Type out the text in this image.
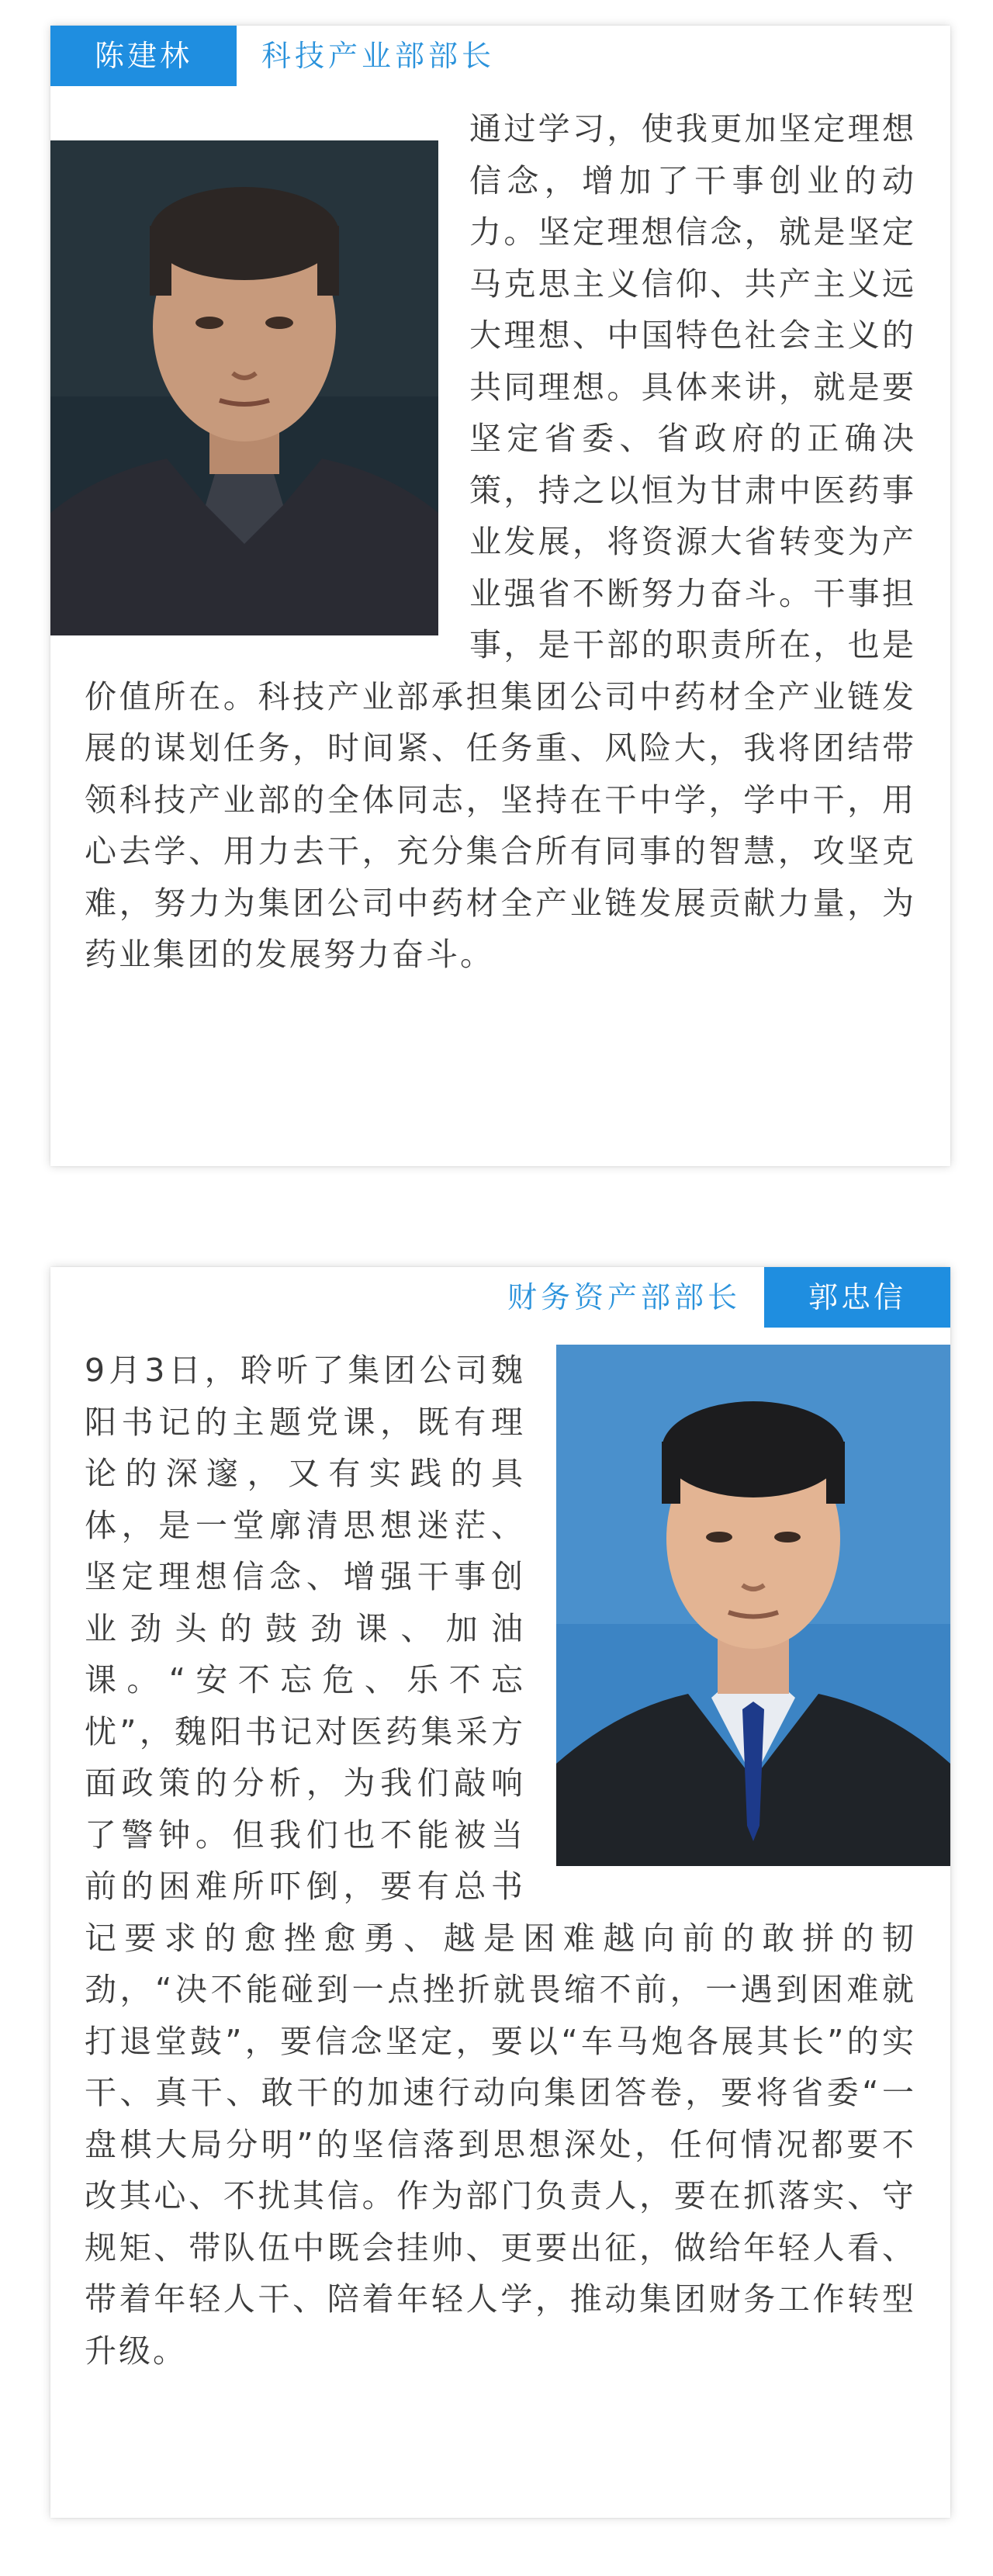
陈建林	科技产业部部长

通过学习，使我更加坚定理想信念，增加了干事创业的动力。坚定理想信念，就是坚定马克思主义信仰、共产主义远大理想、中国特色社会主义的共同理想。具体来讲，就是要坚定省委、省政府的正确决策，持之以恒为甘肃中医药事业发展，将资源大省转变为产业强省不断努力奋斗。干事担事，是干部的职责所在，也是价值所在。科技产业部承担集团公司中药材全产业链发展的谋划任务，时间紧、任务重、风险大，我将团结带领科技产业部的全体同志，坚持在干中学，学中干，用心去学、用力去干，充分集合所有同事的智慧，攻坚克难，努力为集团公司中药材全产业链发展贡献力量，为药业集团的发展努力奋斗。

郭忠信
财务资产部部长

9月3日，聆听了集团公司魏阳书记的主题党课，既有理论的深邃，又有实践的具体，是一堂廓清思想迷茫、坚定理想信念、增强干事创业劲头的鼓劲课、加油课。“安不忘危、乐不忘忧”，魏阳书记对医药集采方面政策的分析，为我们敲响了警钟。但我们也不能被当前的困难所吓倒，要有总书记要求的愈挫愈勇、越是困难越向前的敢拼的韧劲，“决不能碰到一点挫折就畏缩不前，一遇到困难就打退堂鼓”，要信念坚定，要以“车马炮各展其长”的实干、真干、敢干的加速行动向集团答卷，要将省委“一盘棋大局分明”的坚信落到思想深处，任何情况都要不改其心、不扰其信。作为部门负责人，要在抓落实、守规矩、带队伍中既会挂帅、更要出征，做给年轻人看、带着年轻人干、陪着年轻人学，推动集团财务工作转型升级。
